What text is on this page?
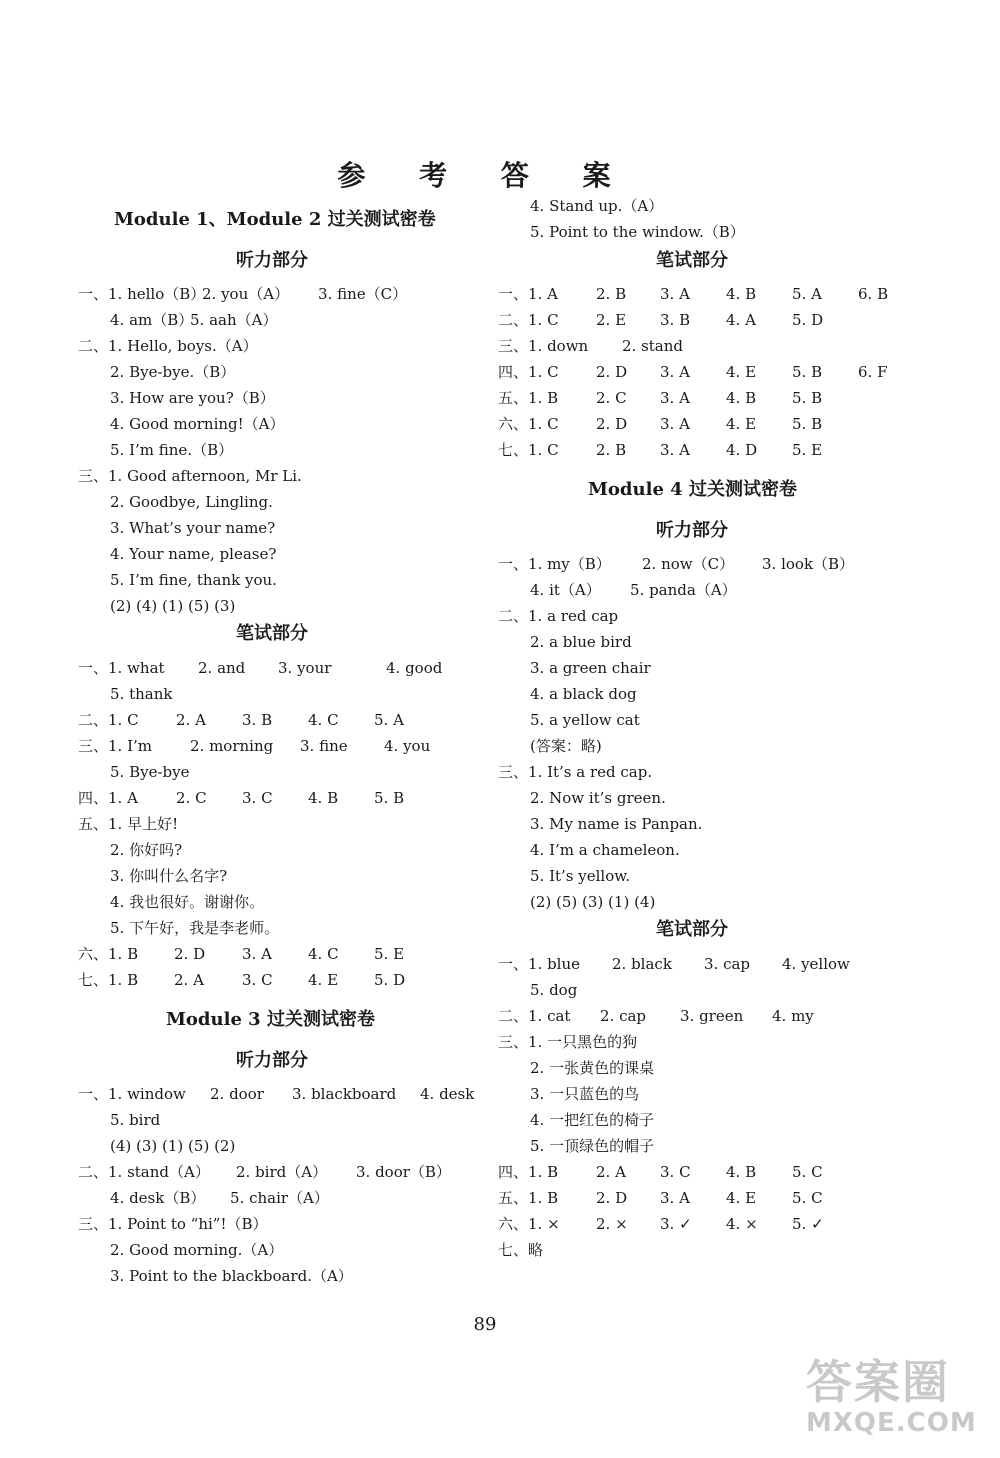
参 考 答 案
Module 1、Module 2 过关测试密卷
听力部分
笔试部分
Module 3 过关测试密卷
听力部分
一、1. hello（B）
2. you（A） 3. fine（C）
4. am（B）
5. aah（A）
二、1. Hello, boys.（A）
2. Bye-bye.（B）
3. How are you?（B）
4. Good morning!（A）
5. I’m fine.（B）
三、1. Good afternoon, Mr Li.
2. Goodbye, Lingling.
3. What’s your name?
4. Your name, please?
5. I’m fine, thank you.
(2) (4) (1) (5) (3)
一、1. what 2. and 3. your	4. good
5. thank
二、1. C 2. A 3. B 4. C 5. A
三、1. I’m	2. morning 3. fine 4. you
5. Bye-bye
四、1. A	2. C 3. C 4. B 5. B
五、1. 早上好!
2. 你好吗?
3. 你叫什么名字?
4. 我也很好。谢谢你。
5. 下午好，我是李老师。
六、1. B 2. D 3. A 4. C 5. E
七、1. B 2. A	3. C 4. E 5. D
一、1. window 2. door 3. blackboard 4. desk
5. bird
(4) (3) (1) (5) (2)
二、1. stand（A） 2. bird（A） 3. door（B）
4. desk（B） 5. chair（A）
三、1. Point to “hi”!（B）
2. Good morning.（A）
3. Point to the blackboard.（A）
笔试部分
Module 4 过关测试密卷
听力部分
笔试部分
4. Stand up.（A）
5. Point to the window.（B）
一、1. A	2. B 3. A 4. B 5. A 6. B
二、1. C 2. E 3. B 4. A 5. D
三、1. down 2. stand
四、1. C 2. D 3. A 4. E 5. B 6. F
五、1. B	2. C 3. A 4. B 5. B
六、1. C 2. D 3. A 4. E 5. B
七、1. C 2. B 3. A 4. D 5. E
一、1. my（B） 2. now（C） 3. look（B）
4. it（A） 5. panda（A）
二、1. a red cap
2. a blue bird
3. a green chair
4. a black dog
5. a yellow cat
(答案：略)
三、1. It’s a red cap.
2. Now it’s green.
3. My name is Panpan.
4. I’m a chameleon.
5. It’s yellow.
(2) (5) (3) (1) (4)
一、1. blue 2. black 3. cap 4. yellow
5. dog
二、1. cat 2. cap 3. green 4. my
三、1. 一只黑色的狗
2. 一张黄色的课桌
3. 一只蓝色的鸟
4. 一把红色的椅子
5. 一顶绿色的帽子
四、1. B	2. A 3. C 4. B 5. C
五、1. B	2. D 3. A 4. E 5. C
六、1. × 2. × 3. ✓ 4. × 5. ✓
七、略
89
答案圈
MXQE.COM
